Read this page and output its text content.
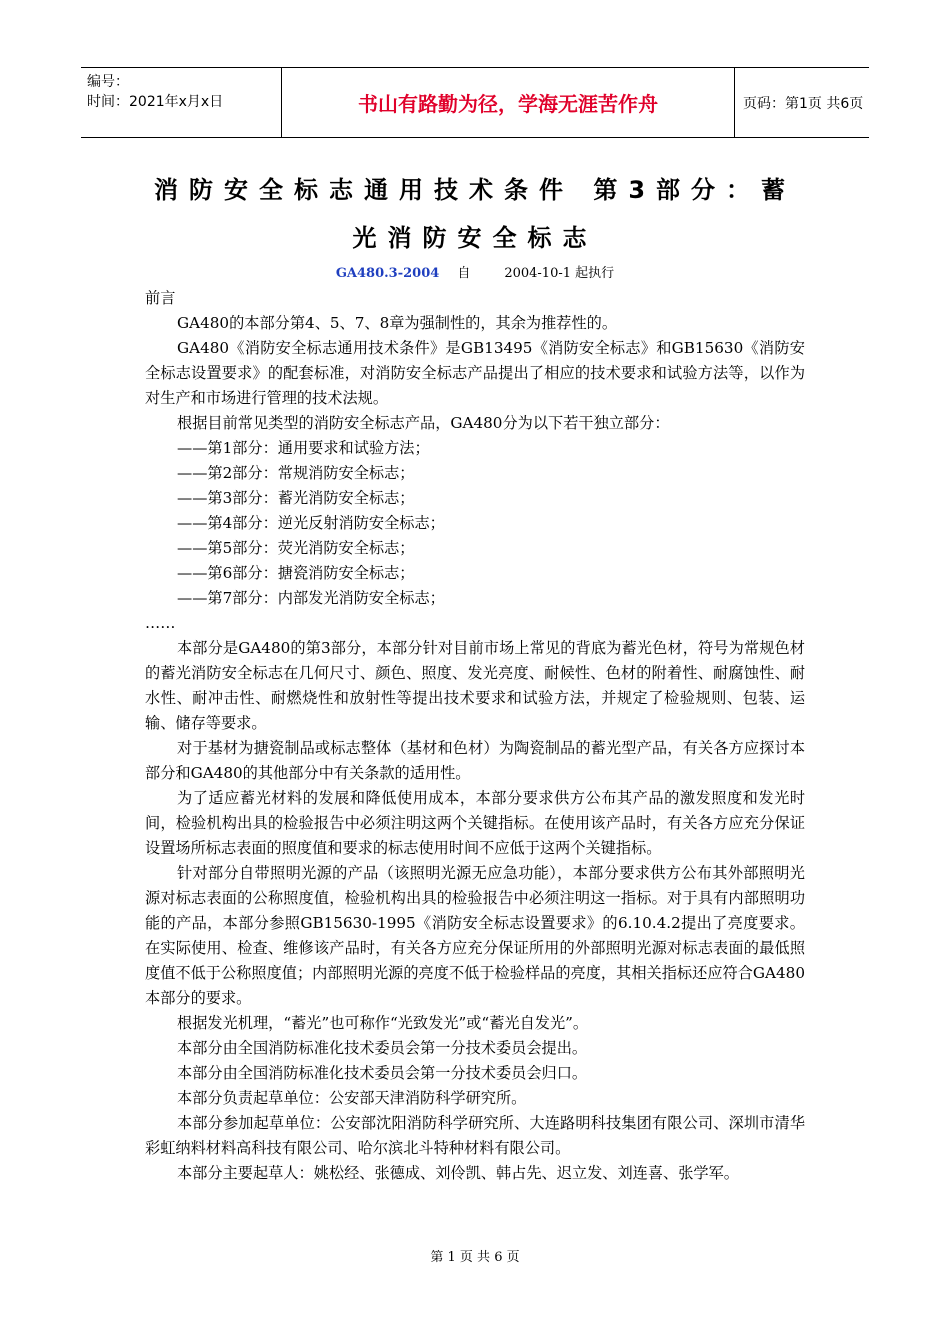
编号：
时间：2021年x月x日	书山有路勤为径，学海无涯苦作舟	页码：第1页 共6页
消防安全标志通用技术条件 第3部分：蓄
光消防安全标志
GA480.3-2004 自	2004-10-1 起执行

前言

GA480的本部分第4、5、7、8章为强制性的，其余为推荐性的。

GA480《消防安全标志通用技术条件》是GB13495《消防安全标志》和GB15630《消防安全标志设置要求》的配套标准，对消防安全标志产品提出了相应的技术要求和试验方法等，以作为对生产和市场进行管理的技术法规。

根据目前常见类型的消防安全标志产品，GA480分为以下若干独立部分：

——第1部分：通用要求和试验方法；

——第2部分：常规消防安全标志；

——第3部分：蓄光消防安全标志；

——第4部分：逆光反射消防安全标志；

——第5部分：荧光消防安全标志；

——第6部分：搪瓷消防安全标志；

——第7部分：内部发光消防安全标志；

……

本部分是GA480的第3部分，本部分针对目前市场上常见的背底为蓄光色材，符号为常规色材的蓄光消防安全标志在几何尺寸、颜色、照度、发光亮度、耐候性、色材的附着性、耐腐蚀性、耐水性、耐冲击性、耐燃烧性和放射性等提出技术要求和试验方法，并规定了检验规则、包装、运输、储存等要求。

对于基材为搪瓷制品或标志整体（基材和色材）为陶瓷制品的蓄光型产品，有关各方应探讨本部分和GA480的其他部分中有关条款的适用性。

为了适应蓄光材料的发展和降低使用成本，本部分要求供方公布其产品的激发照度和发光时间，检验机构出具的检验报告中必须注明这两个关键指标。在使用该产品时，有关各方应充分保证设置场所标志表面的照度值和要求的标志使用时间不应低于这两个关键指标。

针对部分自带照明光源的产品（该照明光源无应急功能），本部分要求供方公布其外部照明光源对标志表面的公称照度值，检验机构出具的检验报告中必须注明这一指标。对于具有内部照明功能的产品，本部分参照GB15630-1995《消防安全标志设置要求》的6.10.4.2提出了亮度要求。在实际使用、检查、维修该产品时，有关各方应充分保证所用的外部照明光源对标志表面的最低照度值不低于公称照度值；内部照明光源的亮度不低于检验样品的亮度，其相关指标还应符合GA480本部分的要求。

根据发光机理，“蓄光”也可称作“光致发光”或“蓄光自发光”。

本部分由全国消防标准化技术委员会第一分技术委员会提出。

本部分由全国消防标准化技术委员会第一分技术委员会归口。

本部分负责起草单位：公安部天津消防科学研究所。

本部分参加起草单位：公安部沈阳消防科学研究所、大连路明科技集团有限公司、深圳市清华彩虹纳料材料高科技有限公司、哈尔滨北斗特种材料有限公司。

本部分主要起草人：姚松经、张德成、刘伶凯、韩占先、迟立发、刘连喜、张学军。

第 1 页 共 6 页
